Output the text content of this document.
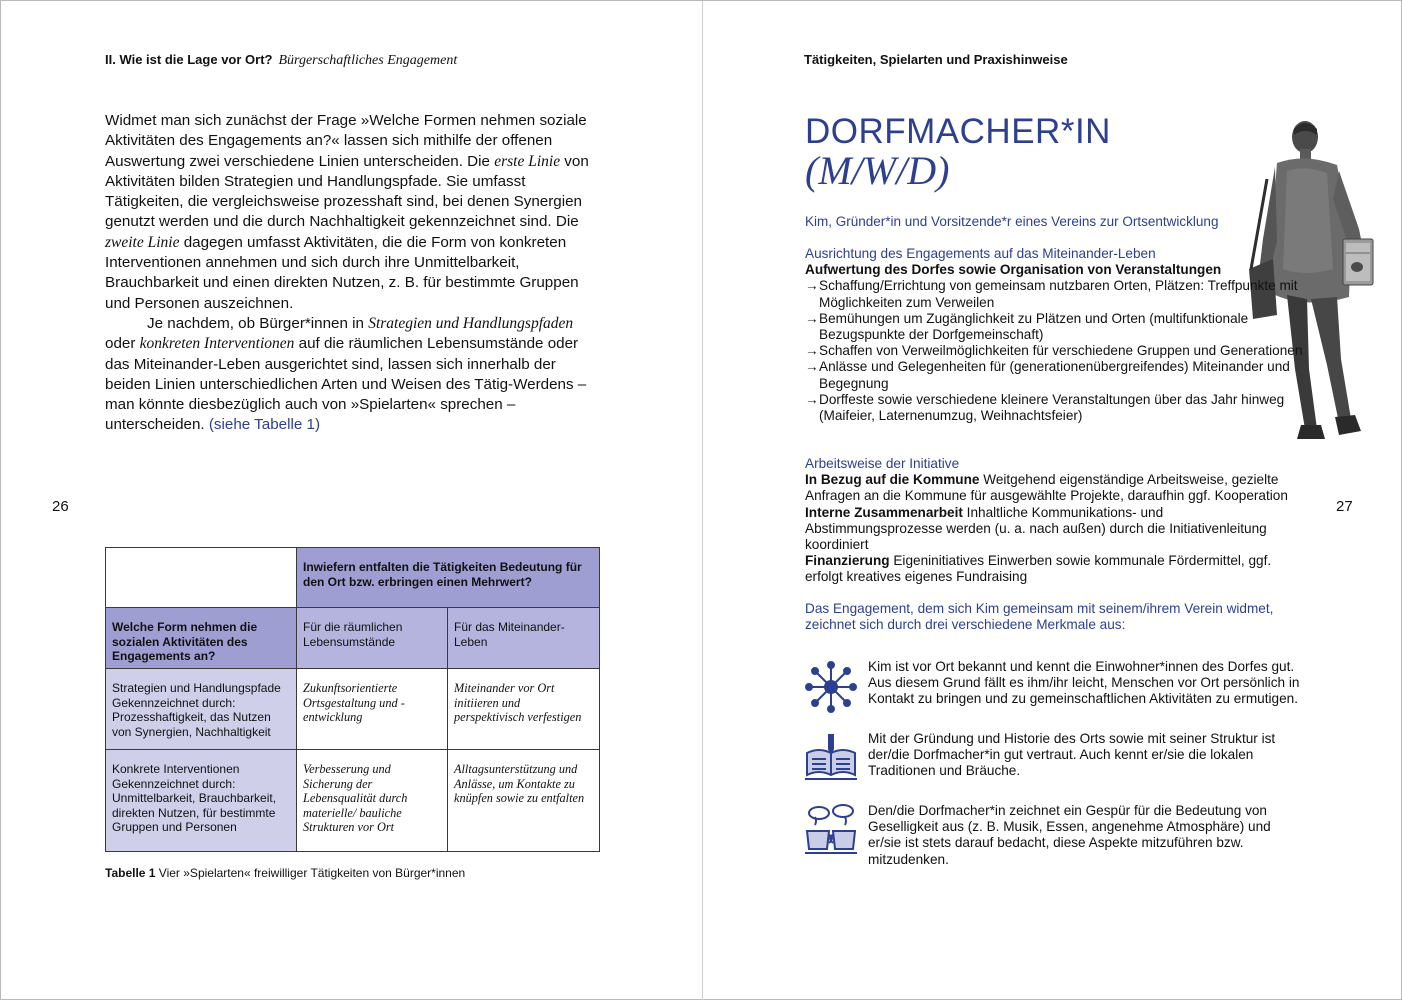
II. Wie ist die Lage vor Ort? Bürgerschaftliches Engagement

Widmet man sich zunächst der Frage »Welche Formen nehmen soziale Aktivitäten des Engagements an?« lassen sich mithilfe der offenen Auswertung zwei verschiedene Linien unterscheiden. Die erste Linie von Aktivitäten bilden Strategien und Handlungspfade. Sie umfasst Tätigkeiten, die vergleichsweise prozesshaft sind, bei denen Synergien genutzt werden und die durch Nachhaltigkeit gekennzeichnet sind. Die zweite Linie dagegen umfasst Aktivitäten, die die Form von konkreten Interventionen annehmen und sich durch ihre Unmittelbarkeit, Brauchbarkeit und einen direkten Nutzen, z. B. für bestimmte Gruppen und Personen auszeichnen.

Je nachdem, ob Bürger*innen in Strategien und Handlungspfaden oder konkreten Interventionen auf die räumlichen Lebensumstände oder das Miteinander-Leben ausgerichtet sind, lassen sich innerhalb der beiden Linien unterschiedlichen Arten und Weisen des Tätig-Werdens – man könnte diesbezüglich auch von »Spielarten« sprechen – unterscheiden. (siehe Tabelle 1)

26
	Inwiefern entfalten die Tätigkeiten Bedeutung für den Ort bzw. erbringen einen Mehrwert?	
Welche Form nehmen die sozialen Aktivitäten des Engagements an?	Für die räumlichen Lebensumstände	Für das Miteinander-Leben
Strategien und Handlungspfade Gekennzeichnet durch: Prozesshaftigkeit, das Nutzen von Synergien, Nachhaltigkeit	Zukunftsorientierte Ortsgestaltung und -entwicklung	Miteinander vor Ort initiieren und perspektivisch verfestigen
Konkrete Interventionen Gekennzeichnet durch: Unmittelbarkeit, Brauchbarkeit, direkten Nutzen, für bestimmte Gruppen und Personen	Verbesserung und Sicherung der Lebensqualität durch materielle/ bauliche Strukturen vor Ort	Alltagsunterstützung und Anlässe, um Kontakte zu knüpfen sowie zu entfalten
Tabelle 1 Vier »Spielarten« freiwilliger Tätigkeiten von Bürger*innen
Tätigkeiten, Spielarten und Praxishinweise
DORFMACHER*IN
(M/W/D)
Kim, Gründer*in und Vorsitzende*r eines Vereins zur Ortsentwicklung
Ausrichtung des Engagements auf das Miteinander-Leben
Aufwertung des Dorfes sowie Organisation von Veranstaltungen
→ Schaffung/Errichtung von gemeinsam nutzbaren Orten, Plätzen: Treffpunkte mit Möglichkeiten zum Verweilen
→ Bemühungen um Zugänglichkeit zu Plätzen und Orten (multifunktionale Bezugspunkte der Dorfgemeinschaft)
→ Schaffen von Verweilmöglichkeiten für verschiedene Gruppen und Generationen
→ Anlässe und Gelegenheiten für (generationenübergreifendes) Miteinander und Begegnung
→ Dorffeste sowie verschiedene kleinere Veranstaltungen über das Jahr hinweg (Maifeier, Laternenumzug, Weihnachtsfeier)
Arbeitsweise der Initiative
In Bezug auf die Kommune Weitgehend eigenständige Arbeitsweise, gezielte Anfragen an die Kommune für ausgewählte Projekte, daraufhin ggf. Kooperation
Interne Zusammenarbeit Inhaltliche Kommunikations- und Abstimmungsprozesse werden (u. a. nach außen) durch die Initiativenleitung koordiniert
Finanzierung Eigeninitiatives Einwerben sowie kommunale Fördermittel, ggf. erfolgt kreatives eigenes Fundraising
Das Engagement, dem sich Kim gemeinsam mit seinem/ihrem Verein widmet, zeichnet sich durch drei verschiedene Merkmale aus:
Kim ist vor Ort bekannt und kennt die Einwohner*innen des Dorfes gut. Aus diesem Grund fällt es ihm/ihr leicht, Menschen vor Ort persönlich in Kontakt zu bringen und zu gemeinschaftlichen Aktivitäten zu ermutigen.
Mit der Gründung und Historie des Orts sowie mit seiner Struktur ist der/die Dorfmacher*in gut vertraut. Auch kennt er/sie die lokalen Traditionen und Bräuche.
Den/die Dorfmacher*in zeichnet ein Gespür für die Bedeutung von Geselligkeit aus (z. B. Musik, Essen, angenehme Atmosphäre) und er/sie ist stets darauf bedacht, diese Aspekte mitzuführen bzw. mitzudenken.
27
